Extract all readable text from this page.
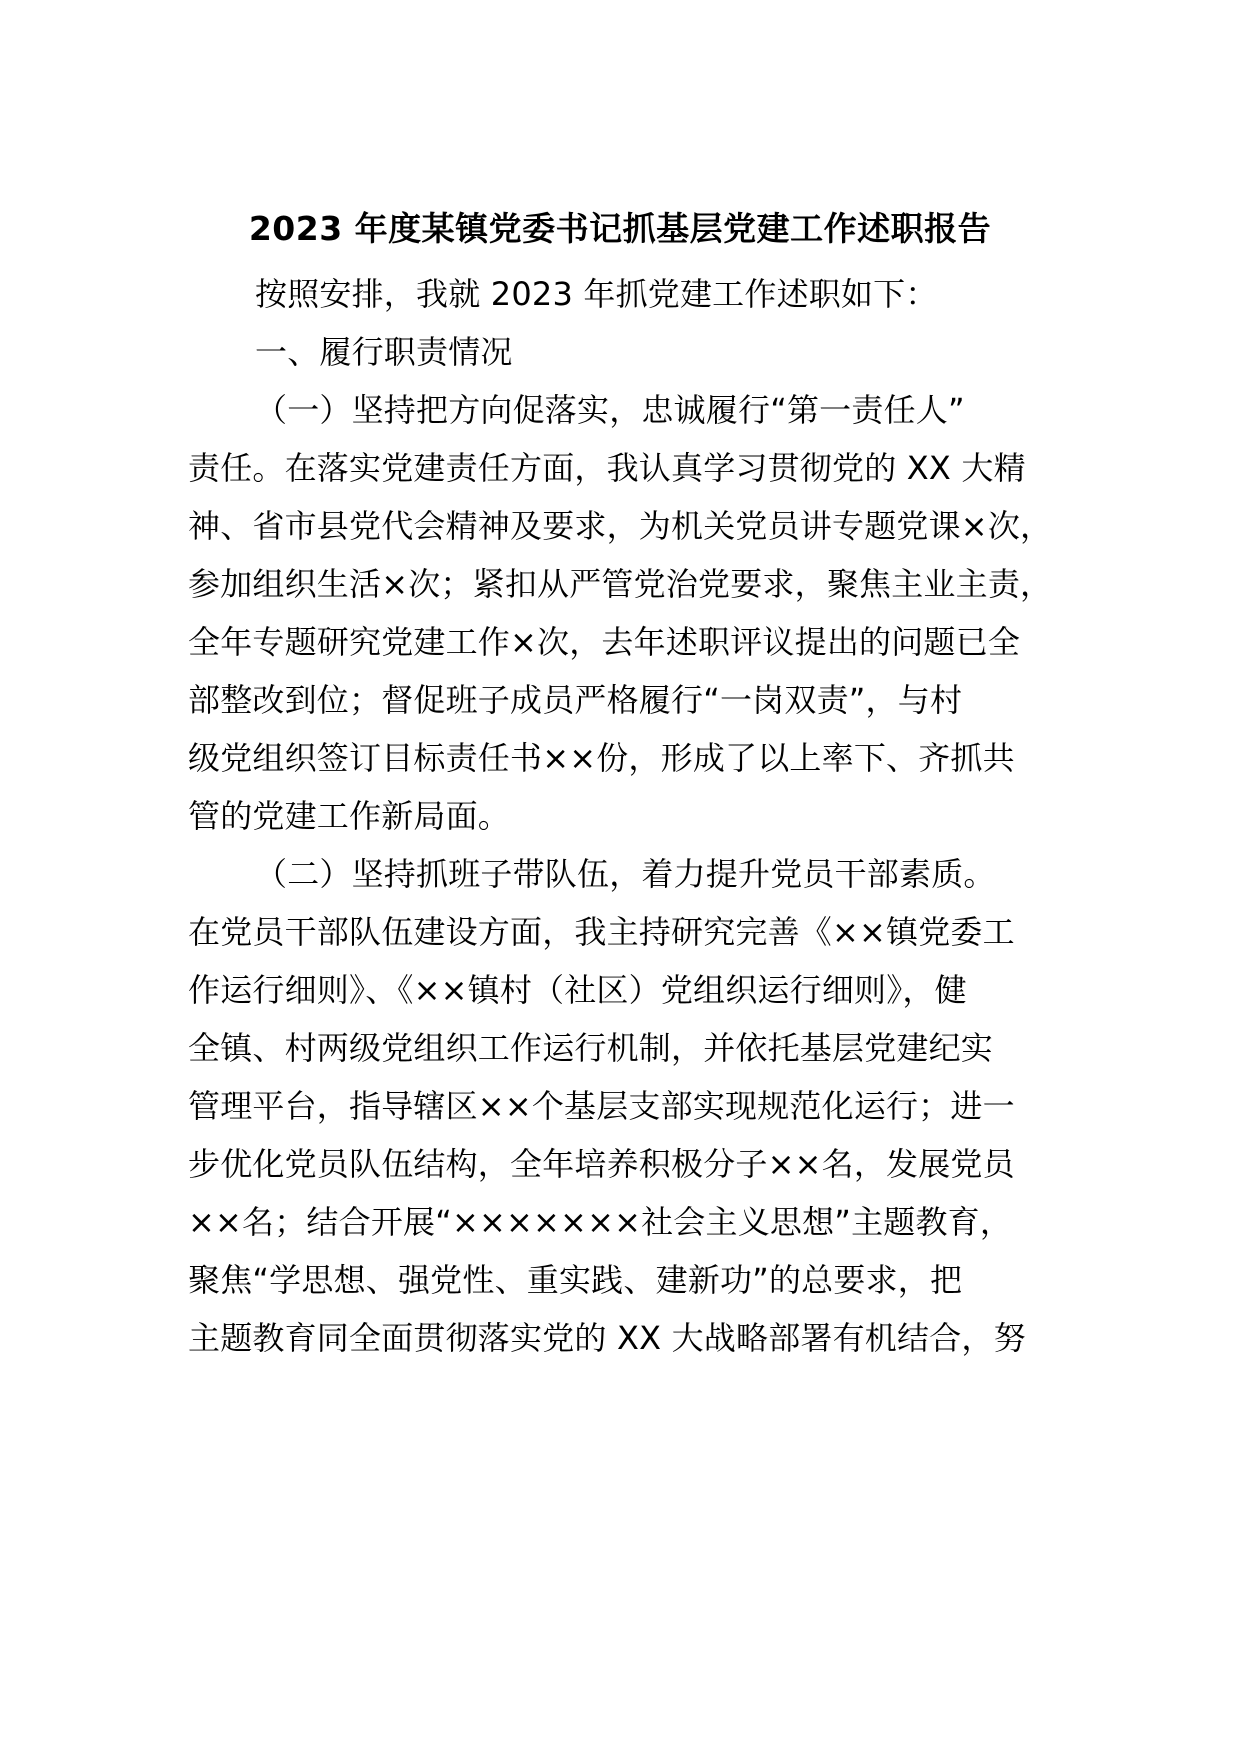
2023 年度某镇党委书记抓基层党建工作述职报告
按照安排，我就 2023 年抓党建工作述职如下：
一、履行职责情况
（一）坚持把方向促落实，忠诚履行“第一责任人”
责任。在落实党建责任方面，我认真学习贯彻党的 XX 大精
神、省市县党代会精神及要求，为机关党员讲专题党课×次，
参加组织生活×次；紧扣从严管党治党要求，聚焦主业主责，
全年专题研究党建工作×次，去年述职评议提出的问题已全
部整改到位；督促班子成员严格履行“一岗双责”，与村
级党组织签订目标责任书××份，形成了以上率下、齐抓共
管的党建工作新局面。
（二）坚持抓班子带队伍，着力提升党员干部素质。
在党员干部队伍建设方面，我主持研究完善《××镇党委工
作运行细则》、《××镇村（社区）党组织运行细则》，健
全镇、村两级党组织工作运行机制，并依托基层党建纪实
管理平台，指导辖区××个基层支部实现规范化运行；进一
步优化党员队伍结构，全年培养积极分子××名，发展党员
××名；结合开展“×××××××社会主义思想”主题教育，
聚焦“学思想、强党性、重实践、建新功”的总要求，把
主题教育同全面贯彻落实党的 XX 大战略部署有机结合，努
